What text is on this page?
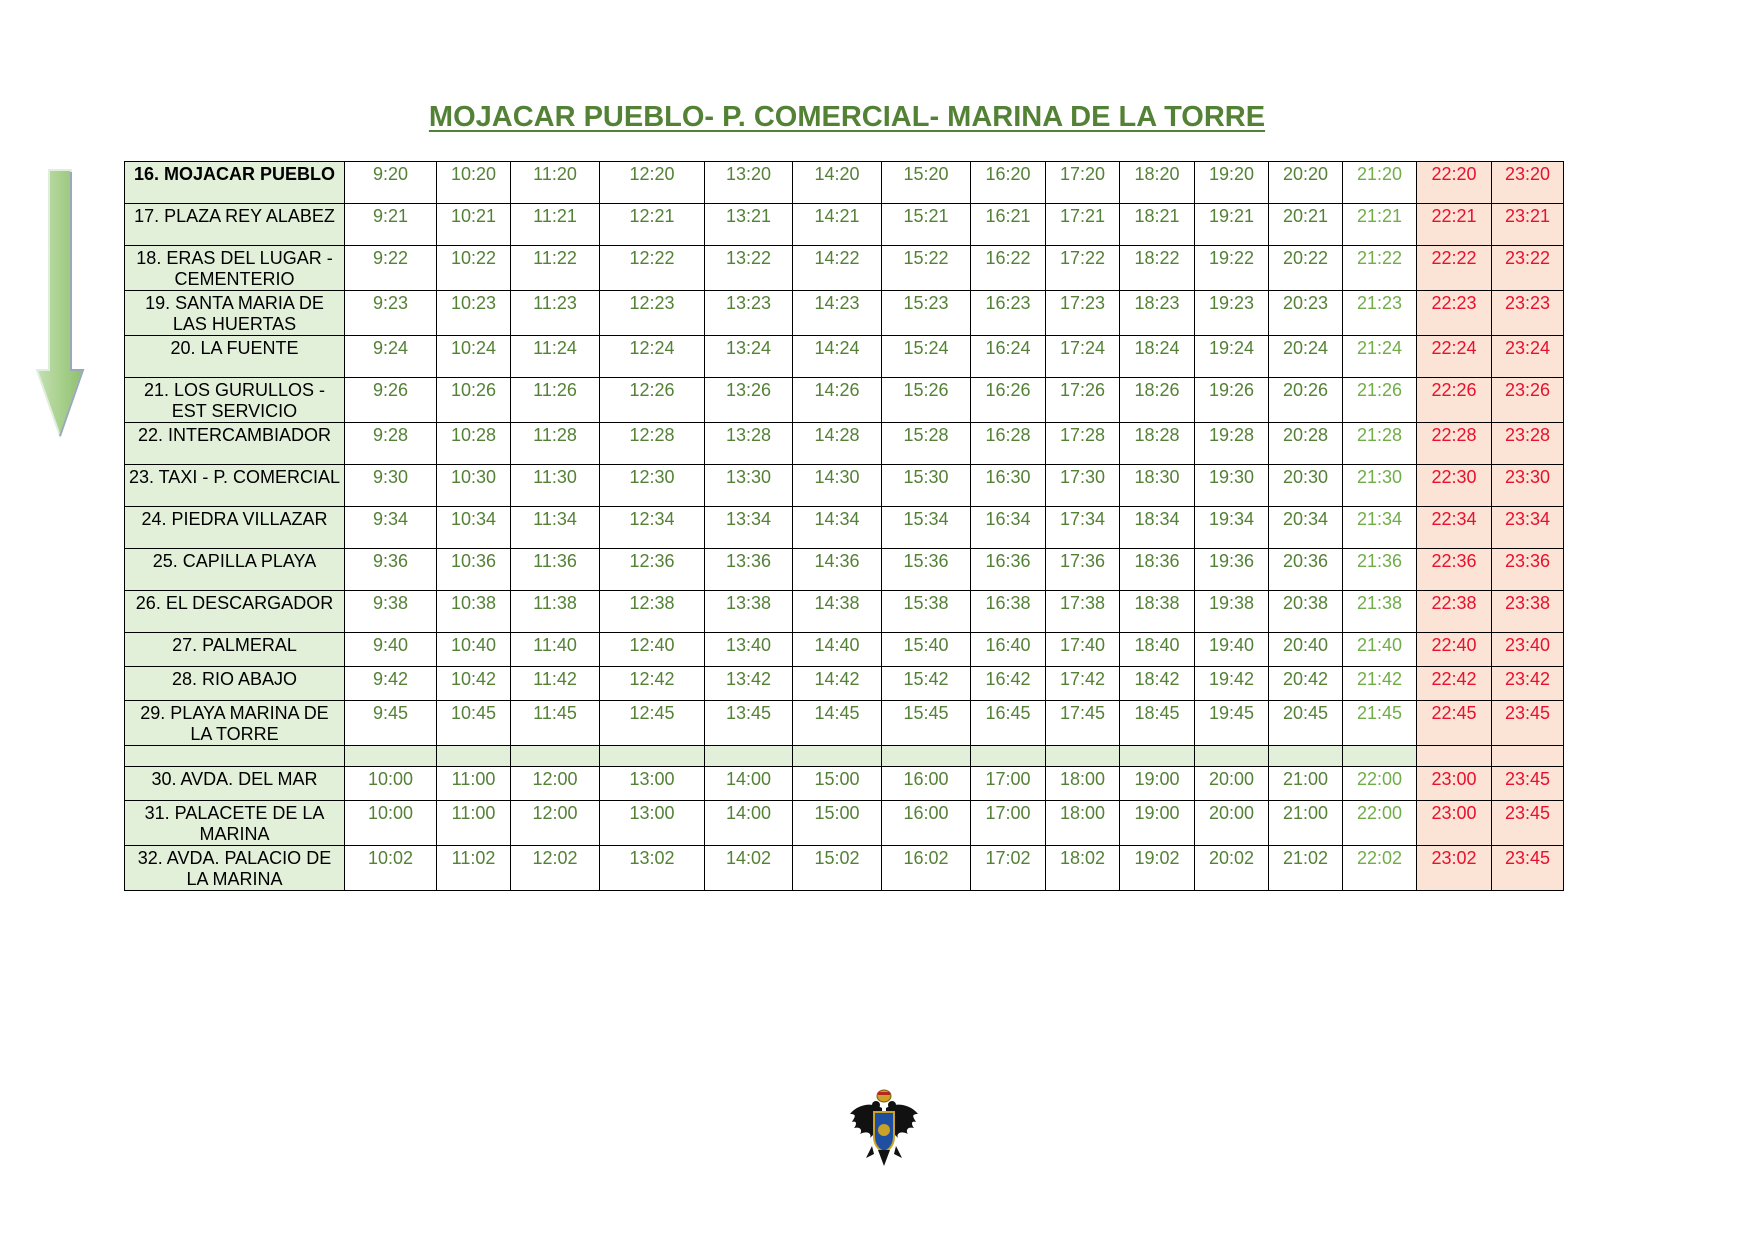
MOJACAR PUEBLO- P. COMERCIAL- MARINA DE LA TORRE
16. MOJACAR PUEBLO	9:20	10:20	11:20	12:20	13:20	14:20	15:20	16:20	17:20	18:20	19:20	20:20	21:20	22:20	23:20
17. PLAZA REY ALABEZ	9:21	10:21	11:21	12:21	13:21	14:21	15:21	16:21	17:21	18:21	19:21	20:21	21:21	22:21	23:21
18. ERAS DEL LUGAR - CEMENTERIO	9:22	10:22	11:22	12:22	13:22	14:22	15:22	16:22	17:22	18:22	19:22	20:22	21:22	22:22	23:22
19. SANTA MARIA DE LAS HUERTAS	9:23	10:23	11:23	12:23	13:23	14:23	15:23	16:23	17:23	18:23	19:23	20:23	21:23	22:23	23:23
20. LA FUENTE	9:24	10:24	11:24	12:24	13:24	14:24	15:24	16:24	17:24	18:24	19:24	20:24	21:24	22:24	23:24
21. LOS GURULLOS - EST SERVICIO	9:26	10:26	11:26	12:26	13:26	14:26	15:26	16:26	17:26	18:26	19:26	20:26	21:26	22:26	23:26
22. INTERCAMBIADOR	9:28	10:28	11:28	12:28	13:28	14:28	15:28	16:28	17:28	18:28	19:28	20:28	21:28	22:28	23:28
23. TAXI - P. COMERCIAL	9:30	10:30	11:30	12:30	13:30	14:30	15:30	16:30	17:30	18:30	19:30	20:30	21:30	22:30	23:30
24. PIEDRA VILLAZAR	9:34	10:34	11:34	12:34	13:34	14:34	15:34	16:34	17:34	18:34	19:34	20:34	21:34	22:34	23:34
25. CAPILLA PLAYA	9:36	10:36	11:36	12:36	13:36	14:36	15:36	16:36	17:36	18:36	19:36	20:36	21:36	22:36	23:36
26. EL DESCARGADOR	9:38	10:38	11:38	12:38	13:38	14:38	15:38	16:38	17:38	18:38	19:38	20:38	21:38	22:38	23:38
27. PALMERAL	9:40	10:40	11:40	12:40	13:40	14:40	15:40	16:40	17:40	18:40	19:40	20:40	21:40	22:40	23:40
28. RIO ABAJO	9:42	10:42	11:42	12:42	13:42	14:42	15:42	16:42	17:42	18:42	19:42	20:42	21:42	22:42	23:42
29. PLAYA MARINA DE LA TORRE	9:45	10:45	11:45	12:45	13:45	14:45	15:45	16:45	17:45	18:45	19:45	20:45	21:45	22:45	23:45

30. AVDA. DEL MAR	10:00	11:00	12:00	13:00	14:00	15:00	16:00	17:00	18:00	19:00	20:00	21:00	22:00	23:00	23:45
31. PALACETE DE LA MARINA	10:00	11:00	12:00	13:00	14:00	15:00	16:00	17:00	18:00	19:00	20:00	21:00	22:00	23:00	23:45
32. AVDA. PALACIO DE LA MARINA	10:02	11:02	12:02	13:02	14:02	15:02	16:02	17:02	18:02	19:02	20:02	21:02	22:02	23:02	23:45
